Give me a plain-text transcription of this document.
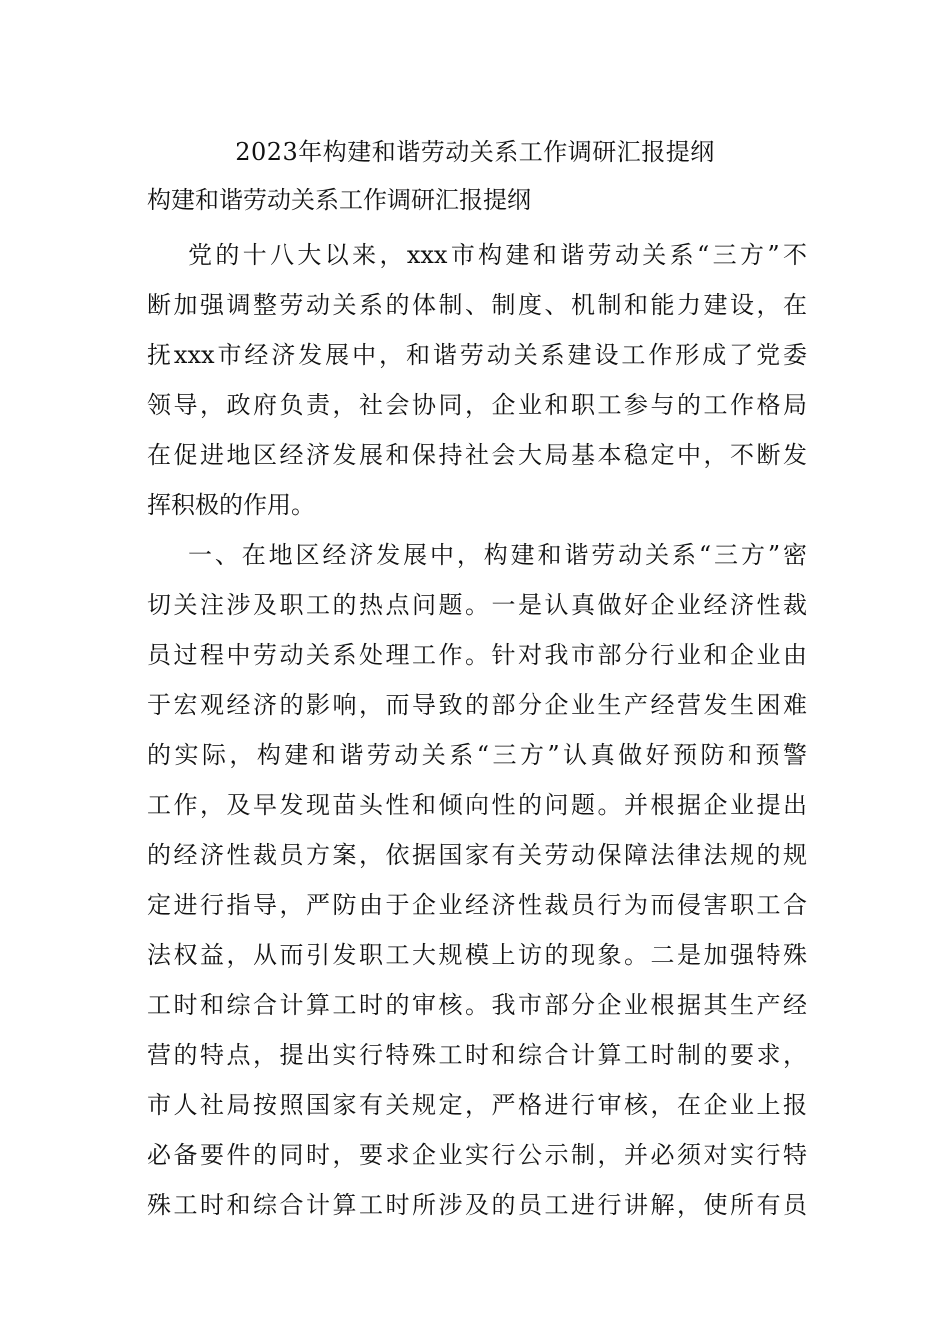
2023年构建和谐劳动关系工作调研汇报提纲
构建和谐劳动关系工作调研汇报提纲
党的十八大以来，xxx市构建和谐劳动关系“三方”不
断加强调整劳动关系的体制、制度、机制和能力建设，在
抚xxx市经济发展中，和谐劳动关系建设工作形成了党委
领导，政府负责，社会协同，企业和职工参与的工作格局
在促进地区经济发展和保持社会大局基本稳定中，不断发
挥积极的作用。
一、在地区经济发展中，构建和谐劳动关系“三方”密
切关注涉及职工的热点问题。一是认真做好企业经济性裁
员过程中劳动关系处理工作。针对我市部分行业和企业由
于宏观经济的影响，而导致的部分企业生产经营发生困难
的实际，构建和谐劳动关系“三方”认真做好预防和预警
工作，及早发现苗头性和倾向性的问题。并根据企业提出
的经济性裁员方案，依据国家有关劳动保障法律法规的规
定进行指导，严防由于企业经济性裁员行为而侵害职工合
法权益，从而引发职工大规模上访的现象。二是加强特殊
工时和综合计算工时的审核。我市部分企业根据其生产经
营的特点，提出实行特殊工时和综合计算工时制的要求，
市人社局按照国家有关规定，严格进行审核，在企业上报
必备要件的同时，要求企业实行公示制，并必须对实行特
殊工时和综合计算工时所涉及的员工进行讲解，使所有员
